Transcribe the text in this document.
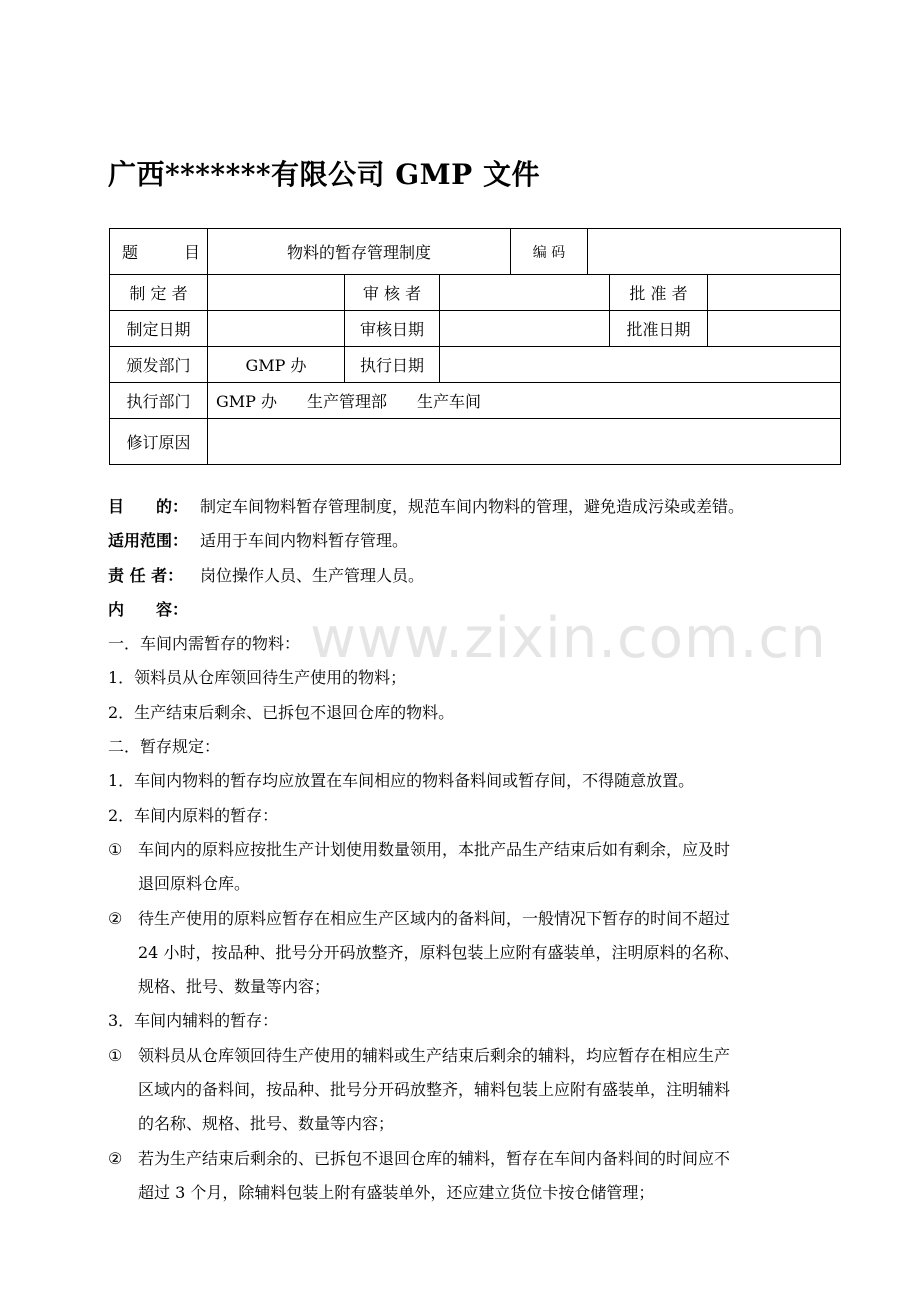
广西*******有限公司 GMP 文件
题 目	物料的暂存管理制度			编 码			
制 定 者		审 核 者				批 准 者	
制定日期		审核日期				批准日期	
颁发部门	GMP 办	执行日期					
执行部门	GMP 办 生产管理部 生产车间						
修订原因							
www.zixin.com.cn
目　　的： 制定车间物料暂存管理制度，规范车间内物料的管理，避免造成污染或差错。
适用范围： 适用于车间内物料暂存管理。
责 任 者： 岗位操作人员、生产管理人员。
内　　容：
一．车间内需暂存的物料：
1．领料员从仓库领回待生产使用的物料；
2．生产结束后剩余、已拆包不退回仓库的物料。
二．暂存规定：
1．车间内物料的暂存均应放置在车间相应的物料备料间或暂存间，不得随意放置。
2．车间内原料的暂存：
① 车间内的原料应按批生产计划使用数量领用，本批产品生产结束后如有剩余，应及时
退回原料仓库。
② 待生产使用的原料应暂存在相应生产区域内的备料间，一般情况下暂存的时间不超过
24 小时，按品种、批号分开码放整齐，原料包装上应附有盛装单，注明原料的名称、
规格、批号、数量等内容；
3．车间内辅料的暂存：
① 领料员从仓库领回待生产使用的辅料或生产结束后剩余的辅料，均应暂存在相应生产
区域内的备料间，按品种、批号分开码放整齐，辅料包装上应附有盛装单，注明辅料
的名称、规格、批号、数量等内容；
② 若为生产结束后剩余的、已拆包不退回仓库的辅料，暂存在车间内备料间的时间应不
超过 3 个月，除辅料包装上附有盛装单外，还应建立货位卡按仓储管理；
